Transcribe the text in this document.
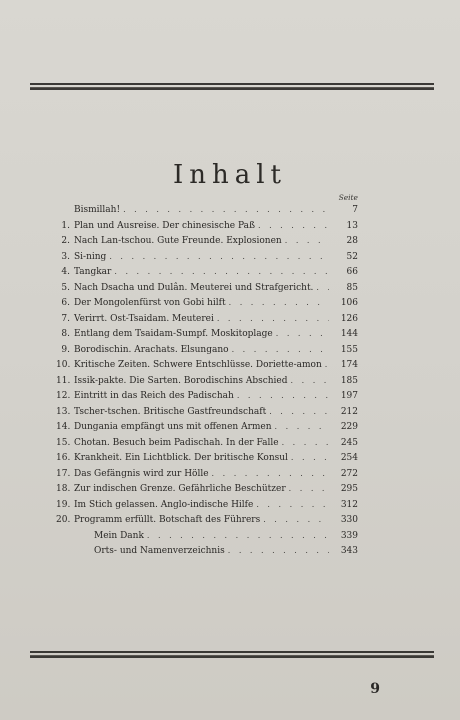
Inhalt
Seite
Bismillah! . . .	7
1. Plan und Ausreise. Der chinesische Paß . . .	13
2. Nach Lan-tschou. Gute Freunde. Explosionen . . .	28
3. Si-ning . . .	52
4. Tangkar . . .	66
5. Nach Dsacha und Dulân. Meuterei und Strafgericht. . . .	85
6. Der Mongolenfürst von Gobi hilft . . .	106
7. Verirrt. Ost-Tsaidam. Meuterei . . .	126
8. Entlang dem Tsaidam-Sumpf. Moskitoplage . . .	144
9. Borodischin. Arachats. Elsungano . . .	155
10. Kritische Zeiten. Schwere Entschlüsse. Doriette-amon . . .	174
11. Issik-pakte. Die Sarten. Borodischins Abschied . . .	185
12. Eintritt in das Reich des Padischah . . .	197
13. Tscher-tschen. Britische Gastfreundschaft . . .	212
14. Dungania empfängt uns mit offenen Armen . . .	229
15. Chotan. Besuch beim Padischah. In der Falle . . .	245
16. Krankheit. Ein Lichtblick. Der britische Konsul . . .	254
17. Das Gefängnis wird zur Hölle . . .	272
18. Zur indischen Grenze. Gefährliche Beschützer . . .	295
19. Im Stich gelassen. Anglo-indische Hilfe . . .	312
20. Programm erfüllt. Botschaft des Führers . . .	330
Mein Dank . . .	339
Orts- und Namenverzeichnis . . .	343
9
